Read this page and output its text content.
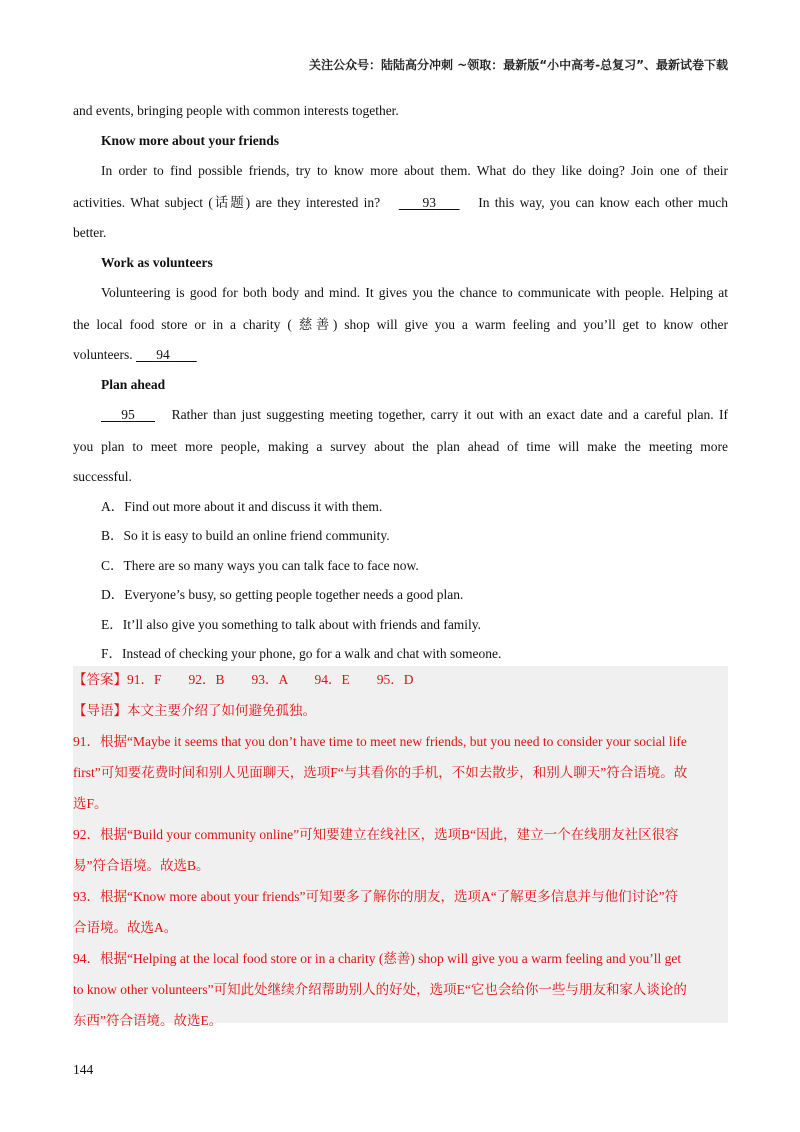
关注公众号：陆陆高分冲刺 ~领取：最新版“小中高考-总复习”、最新试卷下载
and events, bringing people with common interests together.
Know more about your friends
In order to find possible friends, try to know more about them. What do they like doing? Join one of their
activities. What subject (话题) are they interested in?	93	In this way, you can know each other much
better.
Work as volunteers
Volunteering is good for both body and mind. It gives you the chance to communicate with people. Helping at
the local food store or in a charity ( 慈善) shop will give you a warm feeling and you’ll get to know other
volunteers. 94
Plan ahead
95	Rather than just suggesting meeting together, carry it out with an exact date and a careful plan. If
you plan to meet more people, making a survey about the plan ahead of time will make the meeting more
successful.
A．Find out more about it and discuss it with them.
B．So it is easy to build an online friend community.
C．There are so many ways you can talk face to face now.
D．Everyone’s busy, so getting people together needs a good plan.
E．It’ll also give you something to talk about with friends and family.
F．Instead of checking your phone, go for a walk and chat with someone.
【答案】91．F　　92．B　　93．A　　94．E　　95．D
【导语】本文主要介绍了如何避免孤独。
91．根据“Maybe it seems that you don’t have time to meet new friends, but you need to consider your social life
first”可知要花费时间和别人见面聊天，选项F“与其看你的手机，不如去散步，和别人聊天”符合语境。故
选F。
92．根据“Build your community online”可知要建立在线社区，选项B“因此，建立一个在线朋友社区很容
易”符合语境。故选B。
93．根据“Know more about your friends”可知要多了解你的朋友，选项A“了解更多信息并与他们讨论”符
合语境。故选A。
94．根据“Helping at the local food store or in a charity (慈善) shop will give you a warm feeling and you’ll get
to know other volunteers”可知此处继续介绍帮助别人的好处，选项E“它也会给你一些与朋友和家人谈论的
东西”符合语境。故选E。
144
